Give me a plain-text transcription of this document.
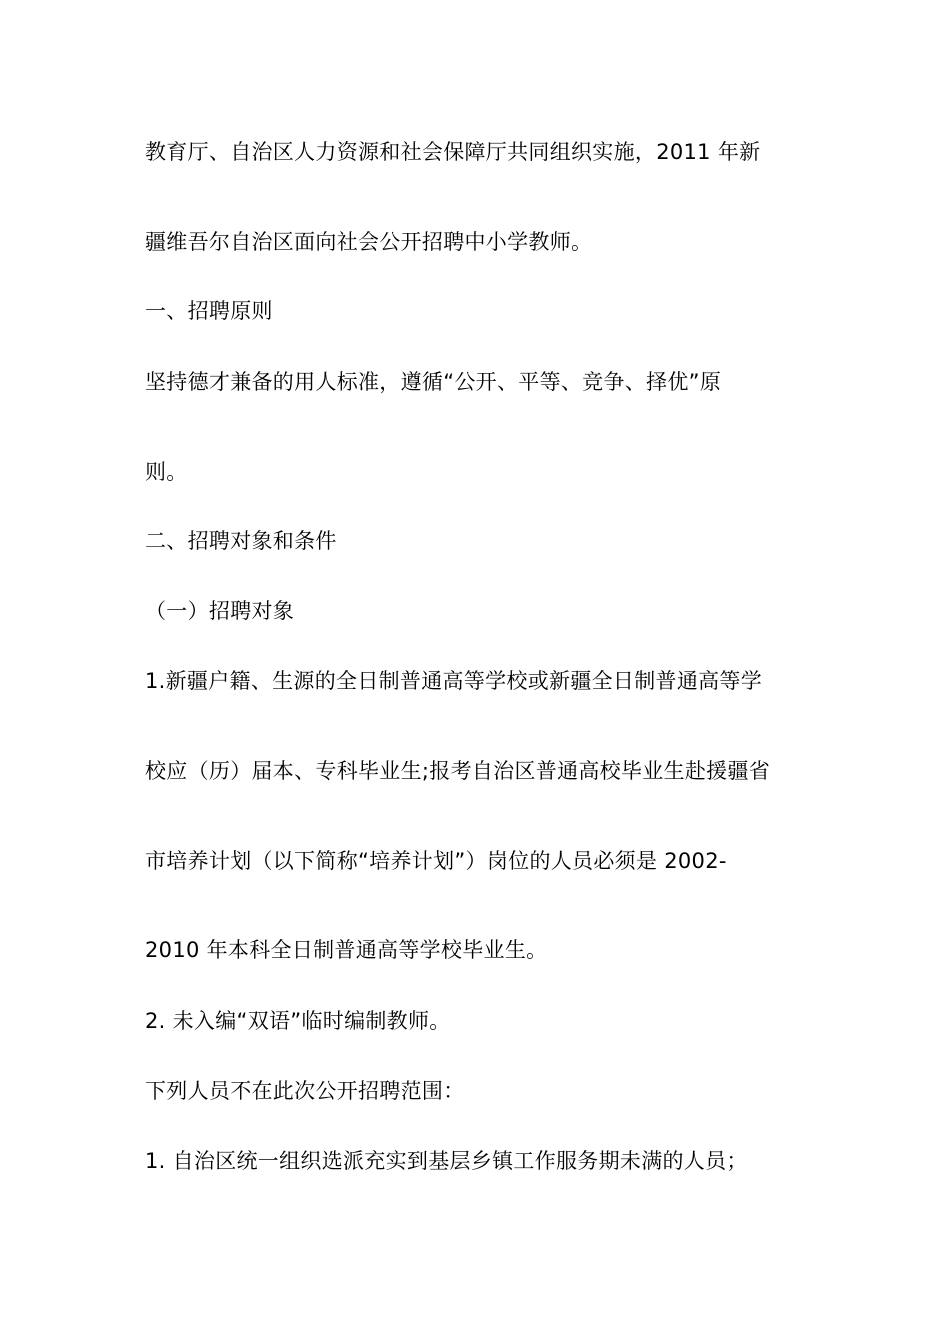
教育厅、自治区人力资源和社会保障厅共同组织实施，2011 年新
疆维吾尔自治区面向社会公开招聘中小学教师。
一、招聘原则
坚持德才兼备的用人标准，遵循“公开、平等、竞争、择优”原
则。
二、招聘对象和条件
（一）招聘对象
1.新疆户籍、生源的全日制普通高等学校或新疆全日制普通高等学
校应（历）届本、专科毕业生;报考自治区普通高校毕业生赴援疆省
市培养计划（以下简称“培养计划”）岗位的人员必须是 2002-
2010 年本科全日制普通高等学校毕业生。
2. 未入编“双语”临时编制教师。
下列人员不在此次公开招聘范围：
1. 自治区统一组织选派充实到基层乡镇工作服务期未满的人员；
